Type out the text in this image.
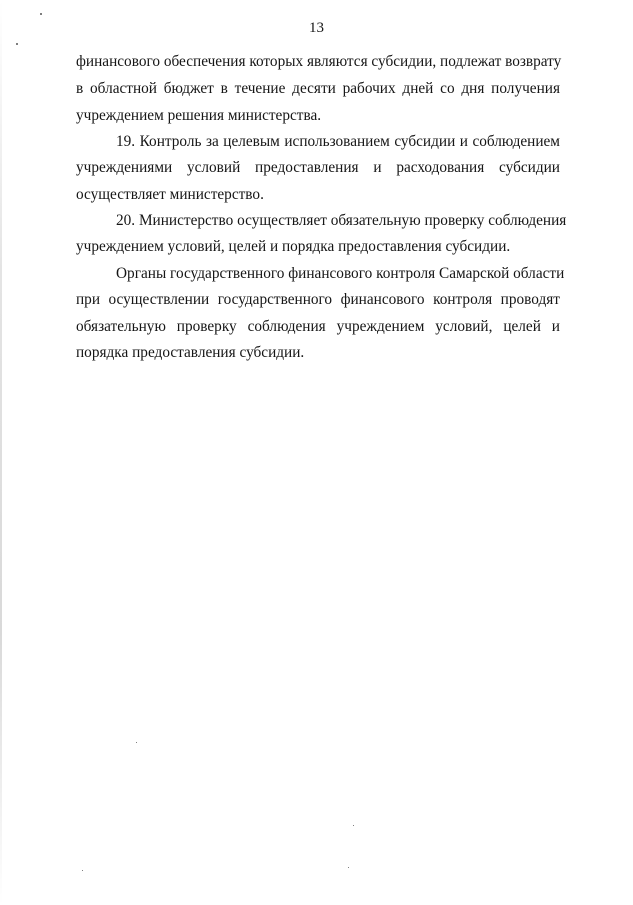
13
финансового обеспечения которых являются субсидии, подлежат возврату
в областной бюджет в течение десяти рабочих дней со дня получения
учреждением решения министерства.
19. Контроль за целевым использованием субсидии и соблюдением
учреждениями условий предоставления и расходования субсидии
осуществляет министерство.
20. Министерство осуществляет обязательную проверку соблюдения
учреждением условий, целей и порядка предоставления субсидии.
Органы государственного финансового контроля Самарской области
при осуществлении государственного финансового контроля проводят
обязательную проверку соблюдения учреждением условий, целей и
порядка предоставления субсидии.
